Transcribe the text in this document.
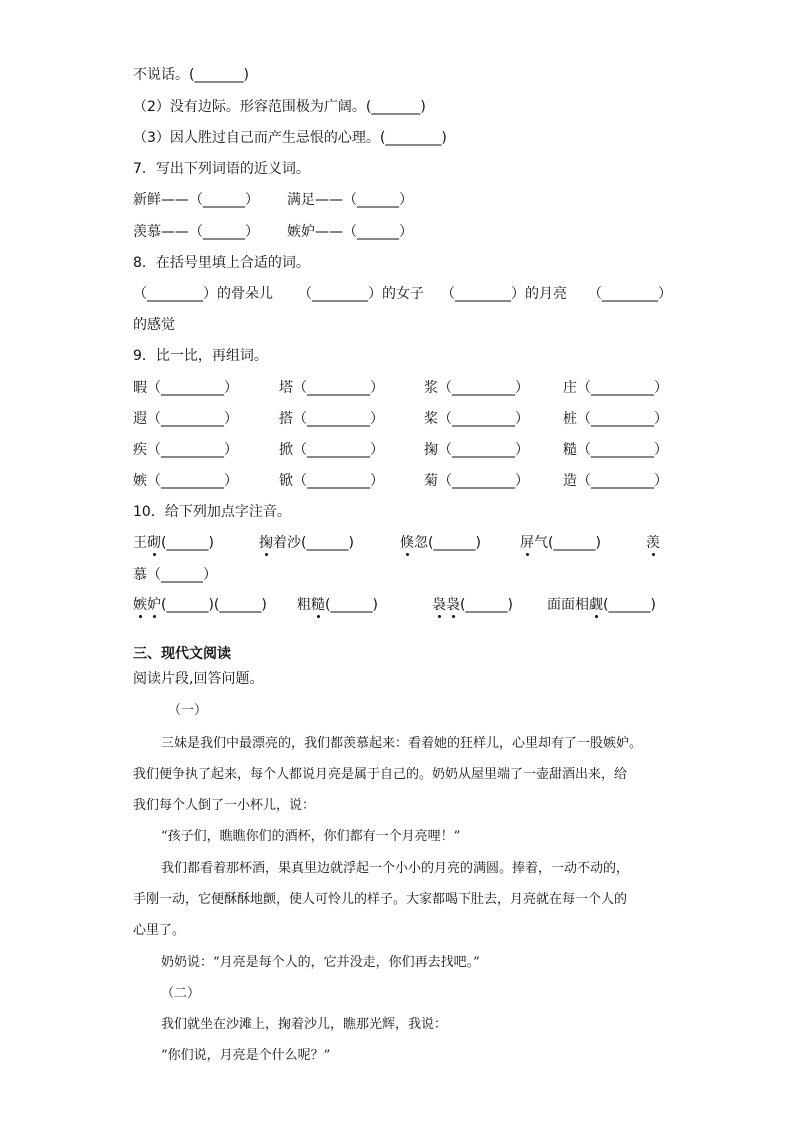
不说话。(_______)
（2）没有边际。形容范围极为广阔。(_______)
（3）因人胜过自己而产生忌恨的心理。(________)
7．写出下列词语的近义词。
新鲜——（______） 满足——（______）
羡慕——（______） 嫉妒——（______）
8．在括号里填上合适的词。
（________）的骨朵儿 （________）的女子 （________）的月亮 （________）
的感觉
9．比一比，再组词。
暇（_________）	塔（_________）	浆（_________） 庄（_________）
遐（_________）	搭（_________）	桨（_________） 桩（_________）
疾（_________）	掀（_________）	掬（_________） 糙（_________）
嫉（_________）	锨（_________）	菊（_________） 造（_________）
10．给下列加点字注音。
王砌(______)	掬着沙(______)	倏忽(______)	屏气(______)	羡
慕（______）
嫉妒(______)(______) 粗糙(______)	袅袅(______) 面面相觑(______)
三、现代文阅读
阅读片段,回答问题。
（一）
三妹是我们中最漂亮的，我们都羡慕起来：看着她的狂样儿，心里却有了一股嫉妒。
我们便争执了起来，每个人都说月亮是属于自己的。奶奶从屋里端了一壶甜酒出来，给
我们每个人倒了一小杯儿，说：
“孩子们，瞧瞧你们的酒杯，你们都有一个月亮哩！”
我们都看着那杯酒，果真里边就浮起一个小小的月亮的满圆。捧着，一动不动的，
手刚一动，它便酥酥地颤，使人可怜儿的样子。大家都喝下肚去，月亮就在每一个人的
心里了。
奶奶说：“月亮是每个人的，它并没走，你们再去找吧。”
（二）
我们就坐在沙滩上，掬着沙儿，瞧那光辉，我说：
“你们说，月亮是个什么呢？”
